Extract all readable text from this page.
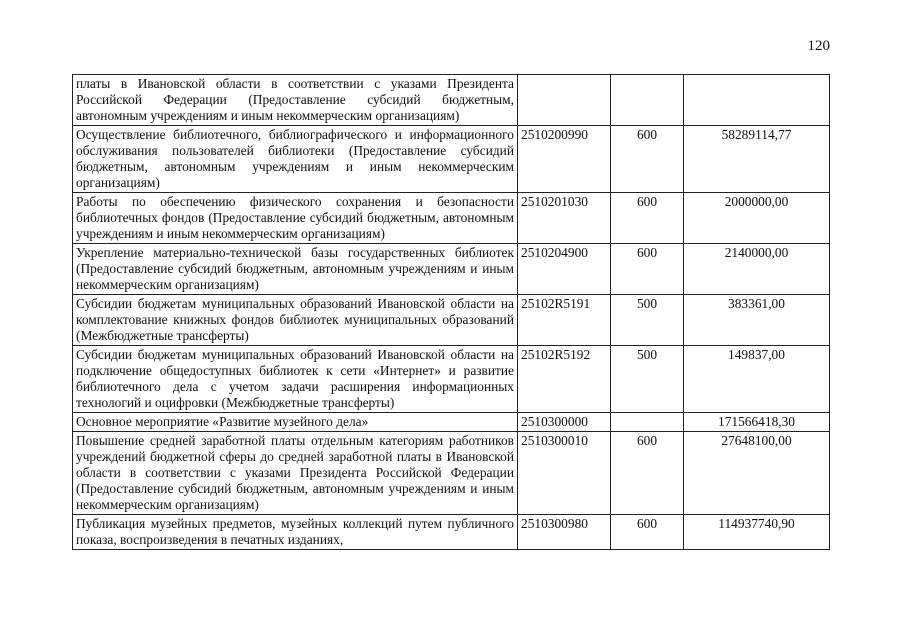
120
платы в Ивановской области в соответствии с указами Президента Российской Федерации (Предоставление субсидий бюджетным, автономным учреждениям и иным некоммерческим организациям)			
Осуществление библиотечного, библиографического и информационного обслуживания пользователей библиотеки (Предоставление субсидий бюджетным, автономным учреждениям и иным некоммерческим организациям)	2510200990	600	58289114,77
Работы по обеспечению физического сохранения и безопасности библиотечных фондов (Предоставление субсидий бюджетным, автономным учреждениям и иным некоммерческим организациям)	2510201030	600	2000000,00
Укрепление материально-технической базы государственных библиотек (Предоставление субсидий бюджетным, автономным учреждениям и иным некоммерческим организациям)	2510204900	600	2140000,00
Субсидии бюджетам муниципальных образований Ивановской области на комплектование книжных фондов библиотек муниципальных образований (Межбюджетные трансферты)	25102R5191	500	383361,00
Субсидии бюджетам муниципальных образований Ивановской области на подключение общедоступных библиотек к сети «Интернет» и развитие библиотечного дела с учетом задачи расширения информационных технологий и оцифровки (Межбюджетные трансферты)	25102R5192	500	149837,00
Основное мероприятие «Развитие музейного дела»	2510300000		171566418,30
Повышение средней заработной платы отдельным категориям работников учреждений бюджетной сферы до средней заработной платы в Ивановской области в соответствии с указами Президента Российской Федерации (Предоставление субсидий бюджетным, автономным учреждениям и иным некоммерческим организациям)	2510300010	600	27648100,00
Публикация музейных предметов, музейных коллекций путем публичного показа, воспроизведения в печатных изданиях,	2510300980	600	114937740,90
